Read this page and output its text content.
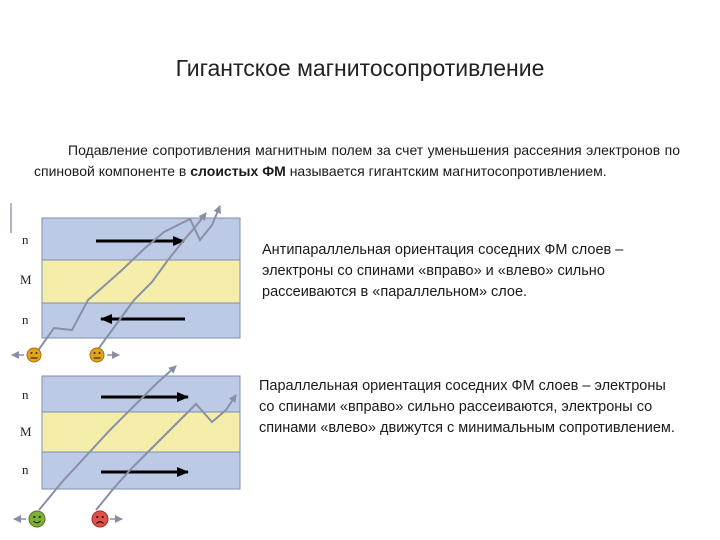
Гигантское магнитосопротивление
Подавление сопротивления магнитным полем за счет уменьшения рассеяния электронов по спиновой компоненте в слоистых ФМ называется гигантским магнитосопротивлением.
n
M
n
n
M
n
Антипараллельная ориентация соседних ФМ слоев – электроны со спинами «вправо» и «влево» сильно рассеиваются в «параллельном» слое.
Параллельная ориентация соседних ФМ слоев – электроны со спинами «вправо» сильно рассеиваются, электроны со спинами «влево» движутся с минимальным сопротивлением.
